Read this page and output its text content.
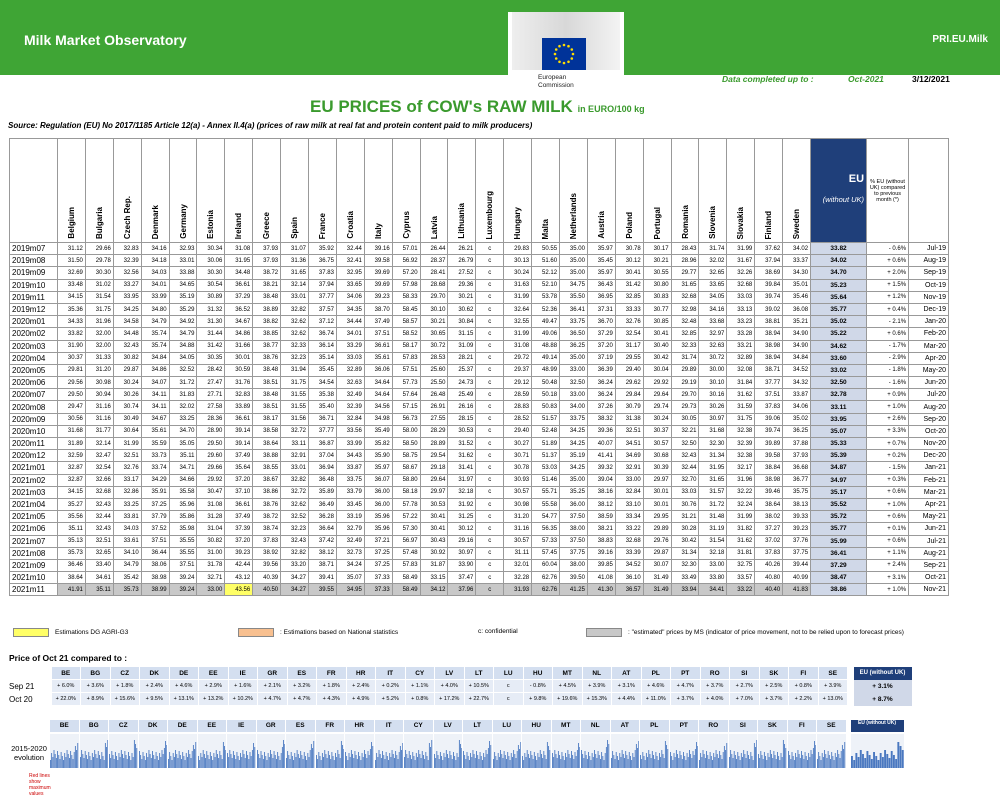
Milk Market Observatory	PRI.EU.Milk
European
Commission
Data completed up to :	Oct-2021	3/12/2021
EU PRICES of COW's RAW MILK in EURO/100 kg
Source: Regulation (EU) No 2017/1185 Article 12(a) - Annex II.4(a) (prices of raw milk at real fat and protein content paid to milk producers)

	Belgium	Bulgaria	Czech Rep.	Denmark	Germany	Estonia	Ireland	Greece	Spain	France	Croatia	Italy	Cyprus	Latvia	Lithuania	Luxembourg	Hungary	Malta	Netherlands	Austria	Poland	Portugal	Romania	Slovenia	Slovakia	Finland	Sweden	EU
(without UK)	% EU (without UK) compared to previous month (*)	
2019m07	31.12	29.66	32.83	34.16	32.93	30.34	31.08	37.93	31.07	35.92	32.44	39.16	57.01	26.44	26.21	c	29.83	50.55	35.00	35.97	30.78	30.17	28.43	31.74	31.99	37.62	34.02	33.82	- 0.6%	Jul-19
2019m08	31.50	29.78	32.39	34.18	33.01	30.06	31.95	37.93	31.36	36.75	32.41	39.58	56.92	28.37	26.79	c	30.13	51.60	35.00	35.45	30.12	30.21	28.96	32.02	31.67	37.94	33.37	34.02	+ 0.6%	Aug-19
2019m09	32.69	30.30	32.56	34.03	33.88	30.30	34.48	38.72	31.65	37.83	32.95	39.69	57.20	28.41	27.52	c	30.24	52.12	35.00	35.97	30.41	30.55	29.77	32.65	32.26	38.69	34.30	34.70	+ 2.0%	Sep-19
2019m10	33.48	31.02	33.27	34.01	34.65	30.54	36.61	38.21	32.14	37.94	33.65	39.69	57.98	28.68	29.36	c	31.63	52.10	34.75	36.43	31.42	30.80	31.65	33.65	32.68	39.84	35.01	35.23	+ 1.5%	Oct-19
2019m11	34.15	31.54	33.95	33.99	35.19	30.89	37.29	38.48	33.01	37.77	34.06	39.23	58.33	29.70	30.21	c	31.99	53.78	35.50	36.95	32.85	30.83	32.68	34.05	33.03	39.74	35.46	35.64	+ 1.2%	Nov-19
2019m12	35.36	31.75	34.25	34.80	35.29	31.32	36.52	38.89	32.82	37.57	34.35	38.70	58.45	30.10	30.62	c	32.64	52.36	36.41	37.31	33.33	30.77	32.98	34.16	33.13	39.02	36.08	35.77	+ 0.4%	Dec-19
2020m01	34.33	31.96	34.58	34.79	34.92	31.30	34.67	38.82	32.62	37.12	34.44	37.49	58.57	30.21	30.84	c	32.55	49.47	33.75	36.70	32.76	30.85	32.48	33.68	33.23	38.81	35.21	35.02	- 2.1%	Jan-20
2020m02	33.82	32.00	34.48	35.74	34.79	31.44	34.86	38.85	32.62	36.74	34.01	37.51	58.52	30.65	31.15	c	31.99	49.06	36.50	37.29	32.54	30.41	32.85	32.97	33.28	38.94	34.90	35.22	+ 0.6%	Feb-20
2020m03	31.90	32.00	32.43	35.74	34.88	31.42	31.66	38.77	32.33	36.14	33.29	36.61	58.17	30.72	31.09	c	31.08	48.88	36.25	37.20	31.17	30.40	32.33	32.63	33.21	38.98	34.90	34.62	- 1.7%	Mar-20
2020m04	30.37	31.33	30.82	34.84	34.05	30.35	30.01	38.76	32.23	35.14	33.03	35.61	57.83	28.53	28.21	c	29.72	49.14	35.00	37.19	29.55	30.42	31.74	30.72	32.89	38.94	34.84	33.60	- 2.9%	Apr-20
2020m05	29.81	31.20	29.87	34.86	32.52	28.42	30.59	38.48	31.94	35.45	32.89	36.06	57.51	25.60	25.37	c	29.37	48.99	33.00	36.39	29.40	30.04	29.89	30.00	32.08	38.71	34.52	33.02	- 1.8%	May-20
2020m06	29.56	30.98	30.24	34.07	31.72	27.47	31.76	38.51	31.75	34.54	32.63	34.64	57.73	25.50	24.73	c	29.12	50.48	32.50	36.24	29.62	29.92	29.19	30.10	31.84	37.77	34.32	32.50	- 1.6%	Jun-20
2020m07	29.50	30.94	30.26	34.11	31.83	27.71	32.83	38.48	31.55	35.38	32.49	34.64	57.64	26.48	25.49	c	28.59	50.18	33.00	36.24	29.84	29.64	29.70	30.16	31.62	37.51	33.87	32.78	+ 0.9%	Jul-20
2020m08	29.47	31.16	30.74	34.11	32.02	27.58	33.89	38.51	31.55	35.40	32.39	34.56	57.15	26.91	26.16	c	28.83	50.83	34.00	37.26	30.79	29.74	29.73	30.26	31.59	37.83	34.06	33.11	+ 1.0%	Aug-20
2020m09	30.56	31.16	30.49	34.67	33.25	28.36	36.61	38.17	31.56	36.71	32.84	34.98	56.73	27.55	28.15	c	28.52	51.57	33.75	38.32	31.38	30.24	30.05	30.97	31.75	39.06	35.02	33.95	+ 2.6%	Sep-20
2020m10	31.68	31.77	30.64	35.61	34.70	28.90	39.14	38.58	32.72	37.77	33.56	35.49	58.00	28.29	30.53	c	29.40	52.48	34.25	39.36	32.51	30.37	32.21	31.68	32.38	39.74	36.25	35.07	+ 3.3%	Oct-20
2020m11	31.89	32.14	31.99	35.59	35.05	29.50	39.14	38.64	33.11	36.87	33.99	35.82	58.50	28.89	31.52	c	30.27	51.89	34.25	40.07	34.51	30.57	32.50	32.30	32.39	39.89	37.88	35.33	+ 0.7%	Nov-20
2020m12	32.59	32.47	32.51	33.73	35.11	29.60	37.49	38.88	32.91	37.04	34.43	35.90	58.75	29.54	31.62	c	30.71	51.37	35.19	41.41	34.69	30.68	32.43	31.34	32.38	39.58	37.93	35.39	+ 0.2%	Dec-20
2021m01	32.87	32.54	32.76	33.74	34.71	29.66	35.64	38.55	33.01	36.94	33.87	35.97	58.67	29.18	31.41	c	30.78	53.03	34.25	39.32	32.91	30.39	32.44	31.95	32.17	38.84	36.68	34.87	- 1.5%	Jan-21
2021m02	32.87	32.66	33.17	34.29	34.66	29.92	37.20	38.67	32.82	36.48	33.75	36.07	58.80	29.64	31.97	c	30.93	51.46	35.00	39.04	33.00	29.97	32.70	31.65	31.96	38.98	36.77	34.97	+ 0.3%	Feb-21
2021m03	34.15	32.68	32.86	35.91	35.58	30.47	37.10	38.86	32.72	35.89	33.79	36.00	58.18	29.97	32.18	c	30.57	55.71	35.25	38.16	32.84	30.01	33.03	31.57	32.22	39.46	35.75	35.17	+ 0.6%	Mar-21
2021m04	35.27	32.43	33.25	37.25	35.96	31.08	36.61	38.76	32.62	36.49	33.45	36.00	57.78	30.53	31.92	c	30.98	55.58	36.00	38.12	33.10	30.01	30.76	31.72	32.24	38.64	38.13	35.52	+ 1.0%	Apr-21
2021m05	35.56	32.44	33.81	37.79	35.86	31.28	37.49	38.72	32.52	36.28	33.19	35.96	57.22	30.41	31.25	c	31.20	54.77	37.50	38.59	33.34	29.95	31.21	31.48	31.99	38.02	39.33	35.72	+ 0.6%	May-21
2021m06	35.11	32.43	34.03	37.52	35.98	31.04	37.39	38.74	32.23	36.64	32.79	35.96	57.30	30.41	30.12	c	31.16	56.35	38.00	38.21	33.22	29.89	30.28	31.19	31.82	37.27	39.23	35.77	+ 0.1%	Jun-21
2021m07	35.13	32.51	33.61	37.51	35.55	30.82	37.20	37.83	32.43	37.42	32.49	37.21	56.97	30.43	29.16	c	30.57	57.33	37.50	38.83	32.68	29.76	30.42	31.54	31.62	37.02	37.76	35.99	+ 0.6%	Jul-21
2021m08	35.73	32.65	34.10	36.44	35.55	31.00	39.23	38.92	32.82	38.12	32.73	37.25	57.48	30.92	30.97	c	31.11	57.45	37.75	39.16	33.39	29.87	31.34	32.18	31.81	37.83	37.75	36.41	+ 1.1%	Aug-21
2021m09	36.46	33.40	34.79	38.06	37.51	31.78	42.44	39.56	33.20	38.71	34.24	37.25	57.83	31.87	33.90	c	32.01	60.04	38.00	39.85	34.52	30.07	32.30	33.00	32.75	40.26	39.44	37.29	+ 2.4%	Sep-21
2021m10	38.64	34.61	35.42	38.98	39.24	32.71	43.12	40.39	34.27	39.41	35.07	37.33	58.49	33.15	37.47	c	32.28	62.76	39.50	41.08	36.10	31.49	33.49	33.80	33.57	40.80	40.99	38.47	+ 3.1%	Oct-21
2021m11	41.91	35.11	35.73	38.99	39.24	33.00	43.56	40.50	34.27	39.55	34.95	37.33	58.49	34.12	37.96	c	31.93	62.76	41.25	41.30	36.57	31.49	33.94	34.41	33.22	40.40	41.83	38.86	+ 1.0%	Nov-21
Estimations DG AGRI-G3	: Estimations based on National statistics	c: confidential	: "estimated" prices by MS (indicator of price movement, not to be relied upon to forecast prices)
Price of Oct 21 compared to :
	BE	BG	CZ	DK	DE	EE	IE	GR	ES	FR	HR	IT	CY	LV	LT	LU	HU	MT	NL	AT	PL	PT	RO	SI	SK	FI	SE		EU (without UK)
Sep 21	+ 6.0%	+ 3.6%	+ 1.8%	+ 2.4%	+ 4.6%	+ 2.9%	+ 1.6%	+ 2.1%	+ 3.2%	+ 1.8%	+ 2.4%	+ 0.2%	+ 1.1%	+ 4.0%	+ 10.5%	c	- 0.8%	+ 4.5%	+ 3.9%	+ 3.1%	+ 4.6%	+ 4.7%	+ 3.7%	+ 2.7%	+ 2.5%	+ 0.8%	+ 3.9%		+ 3.1%
Oct 20	+ 22.0%	+ 8.9%	+ 15.6%	+ 9.5%	+ 13.1%	+ 13.2%	+ 10.2%	+ 4.7%	+ 4.7%	+ 4.3%	+ 4.9%	+ 5.2%	+ 0.8%	+ 17.2%	+ 22.7%	c	+ 9.8%	+ 19.6%	+ 15.3%	+ 4.4%	+ 11.0%	+ 3.7%	+ 4.0%	+ 7.0%	+ 3.7%	+ 2.2%	+ 13.0%		+ 8.7%
BE	BG	CZ	DK	DE	EE	IE	GR	ES	FR	HR	IT	CY	LV	LT	LU	HU	MT	NL	AT	PL	PT	RO	SI	SK	FI	SE	EU (without UK)
2015-2020 evolution
Red lines show maximum values
